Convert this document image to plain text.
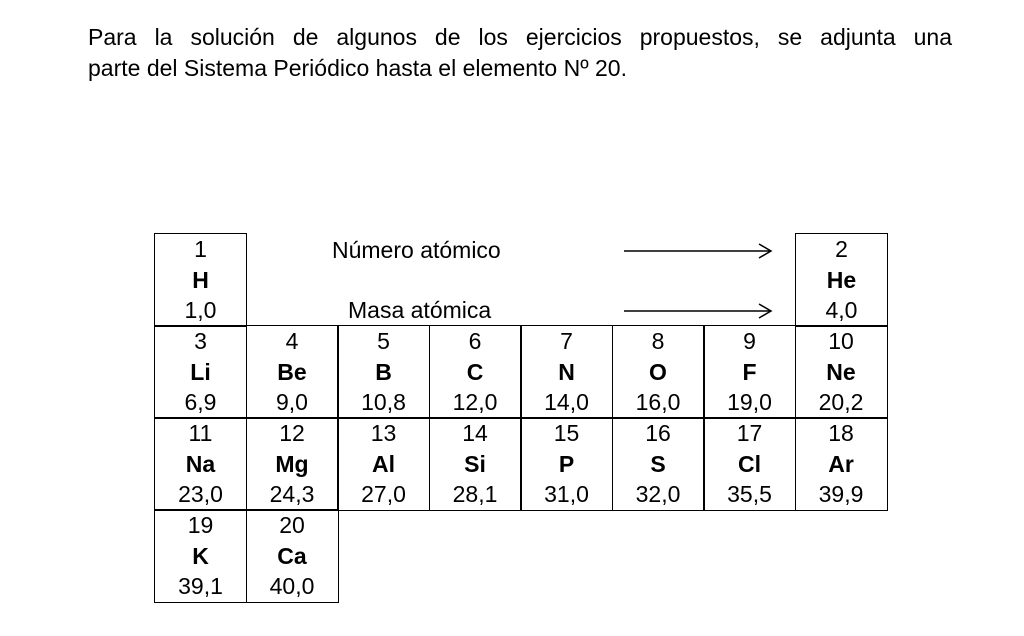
Para la solución de algunos de los ejercicios propuestos, se adjunta una
parte del Sistema Periódico hasta el elemento Nº 20.
1
H
1,0
2
He
4,0
Número atómico
Masa atómica
3
Li
6,9
4
Be
9,0
5
B
10,8
6
C
12,0
7
N
14,0
8
O
16,0
9
F
19,0
10
Ne
20,2
11
Na
23,0
12
Mg
24,3
13
Al
27,0
14
Si
28,1
15
P
31,0
16
S
32,0
17
Cl
35,5
18
Ar
39,9
19
K
39,1
20
Ca
40,0
